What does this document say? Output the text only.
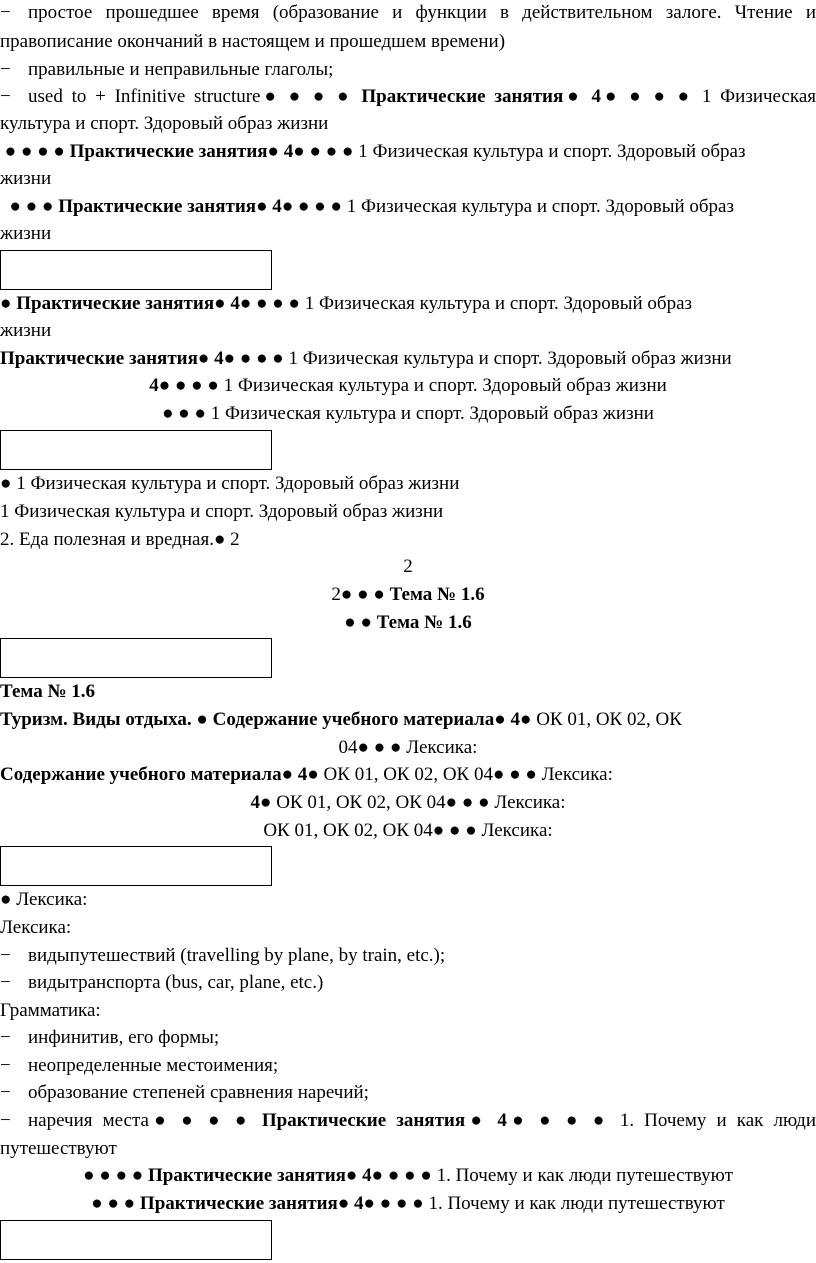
− простое прошедшее время (образование и функции в действительном залоге. Чтение и
правописание окончаний в настоящем и прошедшем времени)
− правильные и неправильные глаголы;
− used to + Infinitive structure● ● ● ● Практические занятия● 4● ● ● ● 1 Физическая
культура и спорт. Здоровый образ жизни
● ● ● ● Практические занятия● 4● ● ● ● 1 Физическая культура и спорт. Здоровый образ
жизни
● ● ● Практические занятия● 4● ● ● ● 1 Физическая культура и спорт. Здоровый образ
жизни
● Практические занятия● 4● ● ● ● 1 Физическая культура и спорт. Здоровый образ
жизни
Практические занятия● 4● ● ● ● 1 Физическая культура и спорт. Здоровый образ жизни
4● ● ● ● 1 Физическая культура и спорт. Здоровый образ жизни
● ● ● 1 Физическая культура и спорт. Здоровый образ жизни
● 1 Физическая культура и спорт. Здоровый образ жизни
1 Физическая культура и спорт. Здоровый образ жизни
2. Еда полезная и вредная.● 2
2
2● ● ● Тема № 1.6
● ● Тема № 1.6
Тема № 1.6
Туризм. Виды отдыха. ● Содержание учебного материала● 4● ОК 01, ОК 02, ОК
04● ● ● Лексика:
Содержание учебного материала● 4● ОК 01, ОК 02, ОК 04● ● ● Лексика:
4● ОК 01, ОК 02, ОК 04● ● ● Лексика:
ОК 01, ОК 02, ОК 04● ● ● Лексика:
● Лексика:
Лексика:
− видыпутешествий (travelling by plane, by train, etc.);
− видытранспорта (bus, car, plane, etc.)
Грамматика:
− инфинитив, его формы;
− неопределенные местоимения;
− образование степеней сравнения наречий;
− наречия места● ● ● ● Практические занятия● 4● ● ● ● 1. Почему и как люди
путешествуют
● ● ● ● Практические занятия● 4● ● ● ● 1. Почему и как люди путешествуют
● ● ● Практические занятия● 4● ● ● ● 1. Почему и как люди путешествуют
